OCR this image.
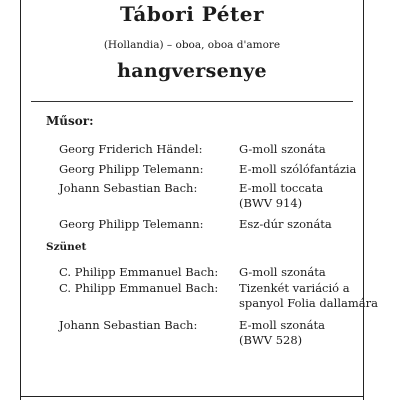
Tábori Péter
(Hollandia) – oboa, oboa d'amore
hangversenye
Műsor:
Georg Friderich Händel:	G-moll szonáta
Georg Philipp Telemann:	E-moll szólófantázia
Johann Sebastian Bach:	E-moll toccata
(BWV 914)
Georg Philipp Telemann:	Esz-dúr szonáta
Szünet
C. Philipp Emmanuel Bach:	G-moll szonáta
C. Philipp Emmanuel Bach:	Tizenkét variáció a
spanyol Folia dallamára
Johann Sebastian Bach:	E-moll szonáta
(BWV 528)
